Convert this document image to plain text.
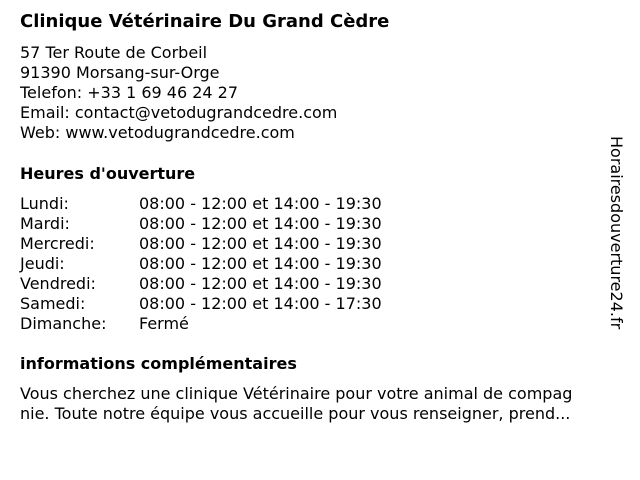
Clinique Vétérinaire Du Grand Cèdre
57 Ter Route de Corbeil
91390 Morsang-sur-Orge
Telefon: +33 1 69 46 24 27
Email: contact@vetodugrandcedre.com
Web: www.vetodugrandcedre.com
Heures d'ouverture
Lundi:	08:00 - 12:00 et 14:00 - 19:30
Mardi:	08:00 - 12:00 et 14:00 - 19:30
Mercredi:	08:00 - 12:00 et 14:00 - 19:30
Jeudi:	08:00 - 12:00 et 14:00 - 19:30
Vendredi:	08:00 - 12:00 et 14:00 - 19:30
Samedi:	08:00 - 12:00 et 14:00 - 17:30
Dimanche: Fermé
informations complémentaires
Vous cherchez une clinique Vétérinaire pour votre animal de compag
nie. Toute notre équipe vous accueille pour vous renseigner, prend...
Horairesdouverture24.fr
